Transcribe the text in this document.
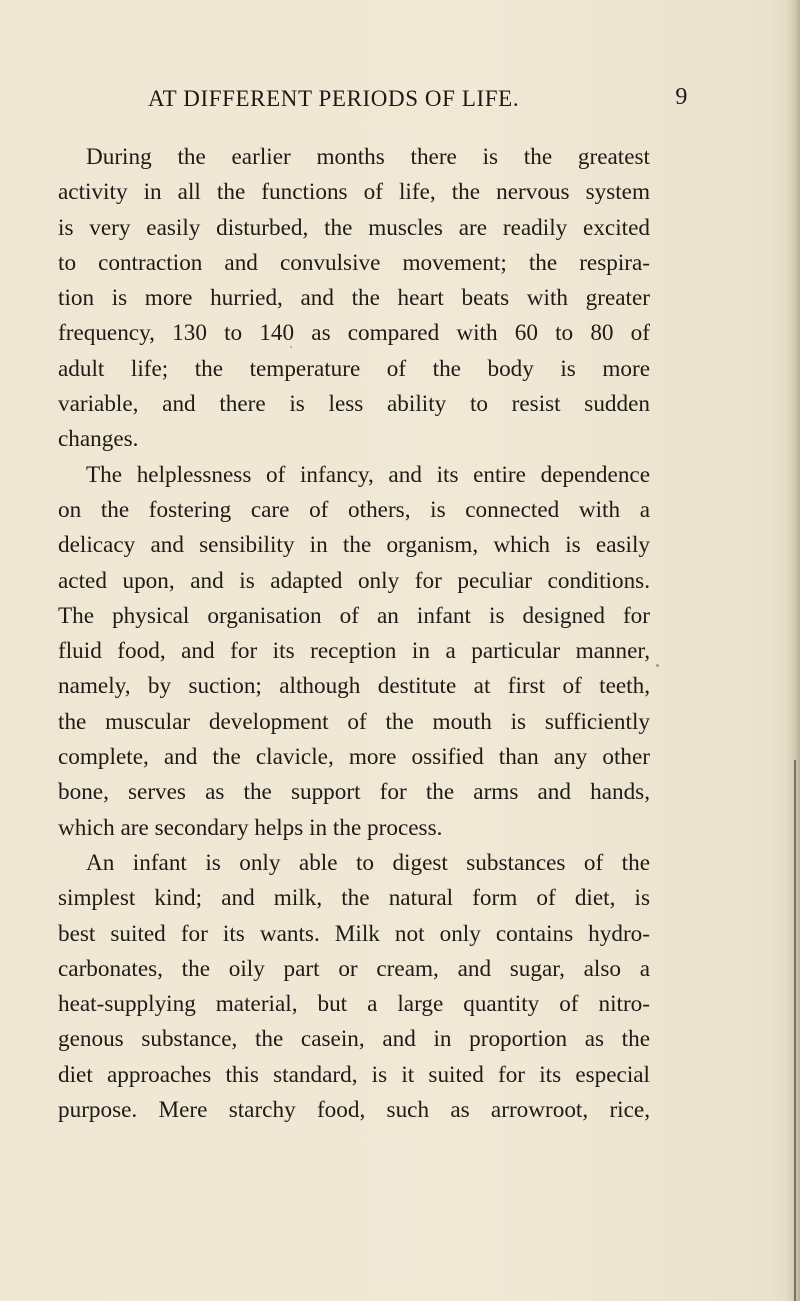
AT DIFFERENT PERIODS OF LIFE.	9
During the earlier months there is the greatest
activity in all the functions of life, the nervous system
is very easily disturbed, the muscles are readily excited
to contraction and convulsive movement; the respira-
tion is more hurried, and the heart beats with greater
frequency, 130 to 140 as compared with 60 to 80 of
adult life; the temperature of the body is more
variable, and there is less ability to resist sudden
changes.
The helplessness of infancy, and its entire dependence
on the fostering care of others, is connected with a
delicacy and sensibility in the organism, which is easily
acted upon, and is adapted only for peculiar conditions.
The physical organisation of an infant is designed for
fluid food, and for its reception in a particular manner,
namely, by suction; although destitute at first of teeth,
the muscular development of the mouth is sufficiently
complete, and the clavicle, more ossified than any other
bone, serves as the support for the arms and hands,
which are secondary helps in the process.
An infant is only able to digest substances of the
simplest kind; and milk, the natural form of diet, is
best suited for its wants. Milk not only contains hydro-
carbonates, the oily part or cream, and sugar, also a
heat-supplying material, but a large quantity of nitro-
genous substance, the casein, and in proportion as the
diet approaches this standard, is it suited for its especial
purpose. Mere starchy food, such as arrowroot, rice,
